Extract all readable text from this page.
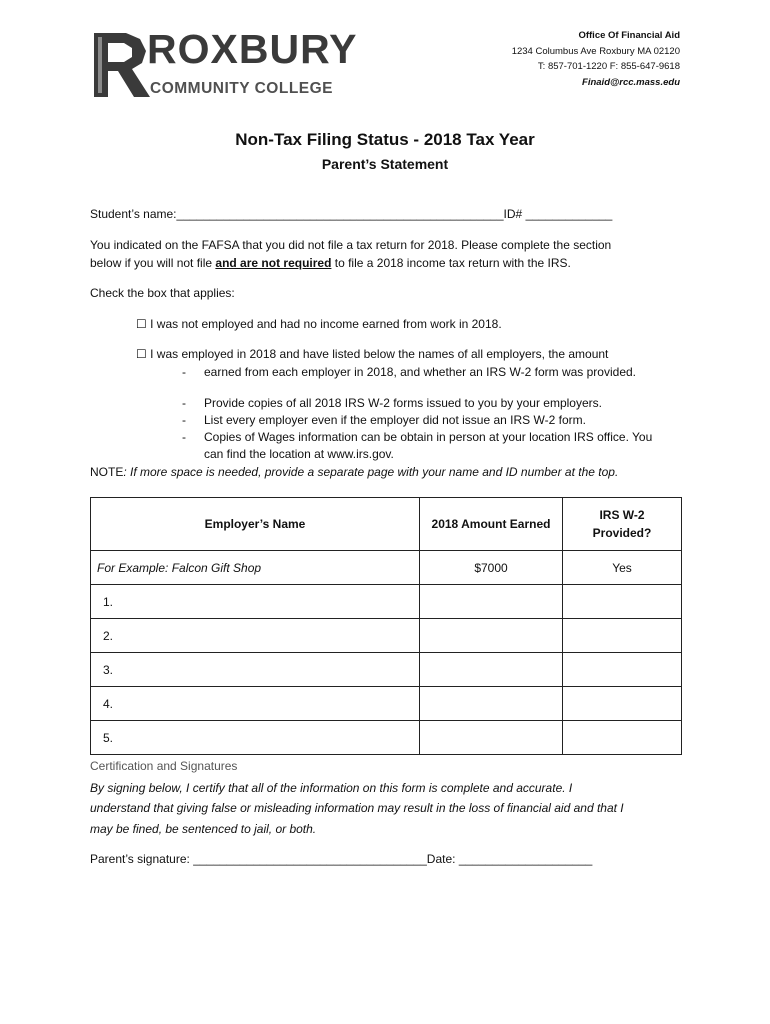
ROXBURY
COMMUNITY COLLEGE
Office Of Financial Aid
1234 Columbus Ave Roxbury MA 02120
T: 857-701-1220 F: 855-647-9618
Finaid@rcc.mass.edu
Non-Tax Filing Status - 2018 Tax Year
Parent’s Statement
Student’s name:_________________________________________________ID# _____________
You indicated on the FAFSA that you did not file a tax return for 2018. Please complete the section
below if you will not file and are not required to file a 2018 income tax return with the IRS.
Check the box that applies:
☐ I was not employed and had no income earned from work in 2018.
☐ I was employed in 2018 and have listed below the names of all employers, the amount
- earned from each employer in 2018, and whether an IRS W-2 form was provided.
- Provide copies of all 2018 IRS W-2 forms issued to you by your employers.
- List every employer even if the employer did not issue an IRS W-2 form.
- Copies of Wages information can be obtain in person at your location IRS office. You
can find the location at www.irs.gov.
NOTE: If more space is needed, provide a separate page with your name and ID number at the top.
Employer’s Name	2018 Amount Earned	IRS W-2
Provided?

For Example: Falcon Gift Shop	$7000	Yes
1.		
2.		
3.		
4.		
5.		
Certification and Signatures
By signing below, I certify that all of the information on this form is complete and accurate. I
understand that giving false or misleading information may result in the loss of financial aid and that I
may be fined, be sentenced to jail, or both.
Parent’s signature: ___________________________________Date: ____________________
